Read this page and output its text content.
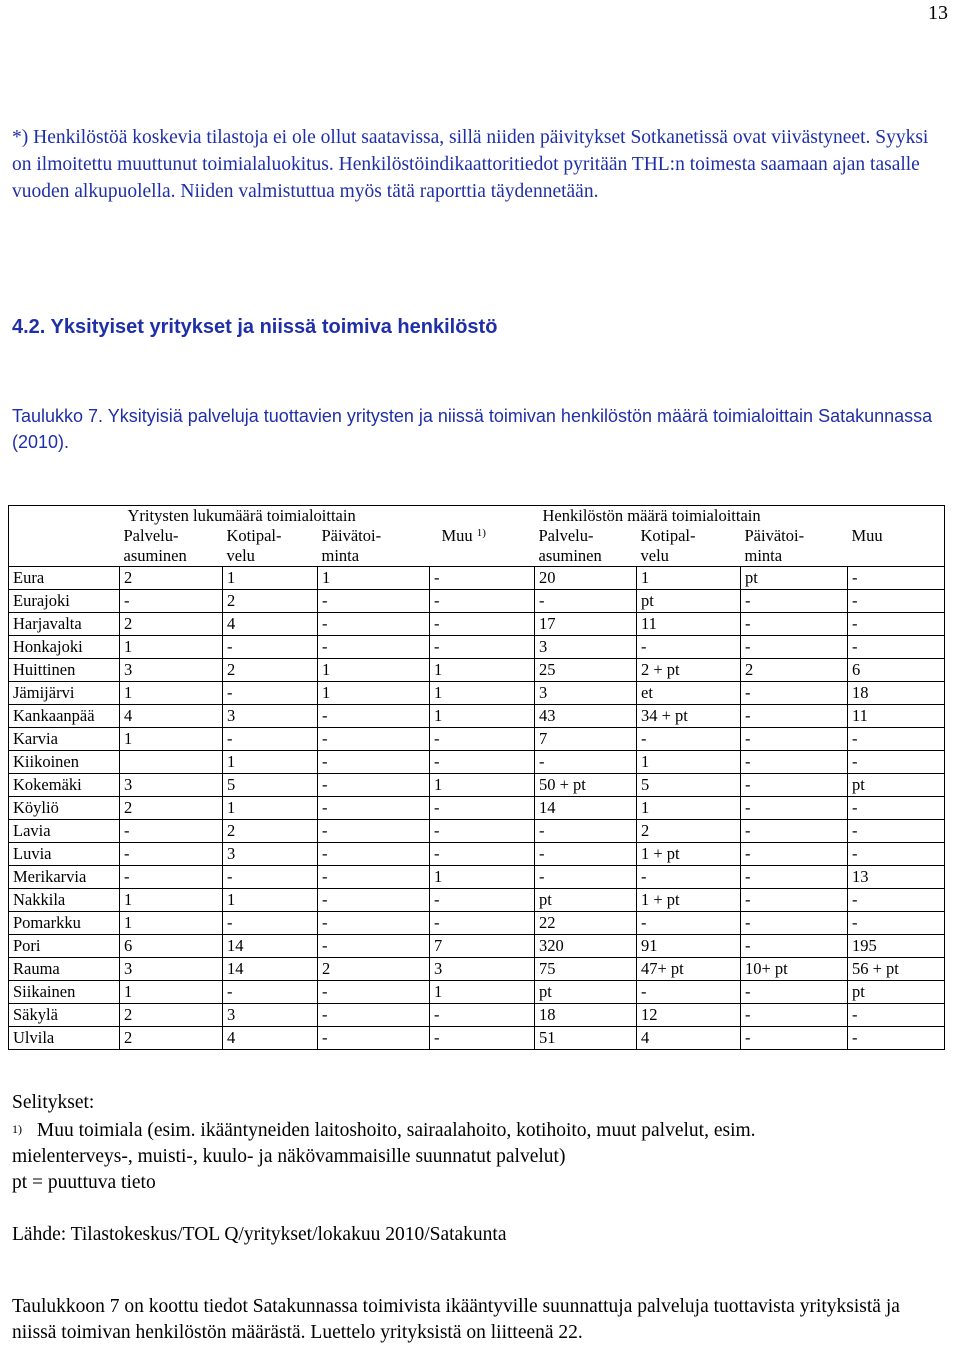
13
*) Henkilöstöä koskevia tilastoja ei ole ollut saatavissa, sillä niiden päivitykset Sotkanetissä ovat viivästyneet. Syyksi on ilmoitettu muuttunut toimialaluokitus. Henkilöstöindikaattoritiedot pyritään THL:n toimesta saamaan ajan tasalle vuoden alkupuolella. Niiden valmistuttua myös tätä raporttia täydennetään.
4.2. Yksityiset yritykset ja niissä toimiva henkilöstö
Taulukko 7. Yksityisiä palveluja tuottavien yritysten ja niissä toimivan henkilöstön määrä toimialoittain Satakunnassa (2010).
	Yritysten lukumäärä toimialoittain				Henkilöstön määrä toimialoittain			
	Palvelu-	Kotipal-	Päivätoi-	Muu $^{1)}$	Palvelu-	Kotipal-	Päivätoi-	Muu
	asuminen	velu	minta		asuminen	velu	minta	
Eura	2	1	1	-	20	1	pt	-
Eurajoki	-	2	-	-	-	pt	-	-
Harjavalta	2	4	-	-	17	11	-	-
Honkajoki	1	-	-	-	3	-	-	-
Huittinen	3	2	1	1	25	2 + pt	2	6
Jämijärvi	1	-	1	1	3	et	-	18
Kankaanpää	4	3	-	1	43	34 + pt	-	11
Karvia	1	-	-	-	7	-	-	-
Kiikoinen		1	-	-	-	1	-	-
Kokemäki	3	5	-	1	50 + pt	5	-	pt
Köyliö	2	1	-	-	14	1	-	-
Lavia	-	2	-	-	-	2	-	-
Luvia	-	3	-	-	-	1 + pt	-	-
Merikarvia	-	-	-	1	-	-	-	13
Nakkila	1	1	-	-	pt	1 + pt	-	-
Pomarkku	1	-	-	-	22	-	-	-
Pori	6	14	-	7	320	91	-	195
Rauma	3	14	2	3	75	47+ pt	10+ pt	56 + pt
Siikainen	1	-	-	1	pt	-	-	pt
Säkylä	2	3	-	-	18	12	-	-
Ulvila	2	4	-	-	51	4	-	-
Selitykset:
$^{1)}$ Muu toimiala (esim. ikääntyneiden laitoshoito, sairaalahoito, kotihoito, muut palvelut, esim.
mielenterveys-, muisti-, kuulo- ja näkövammaisille suunnatut palvelut)
pt = puuttuva tieto
Lähde: Tilastokeskus/TOL Q/yritykset/lokakuu 2010/Satakunta
Taulukkoon 7 on koottu tiedot Satakunnassa toimivista ikääntyville suunnattuja palveluja tuottavista yrityksistä ja niissä toimivan henkilöstön määrästä. Luettelo yrityksistä on liitteenä 22.
